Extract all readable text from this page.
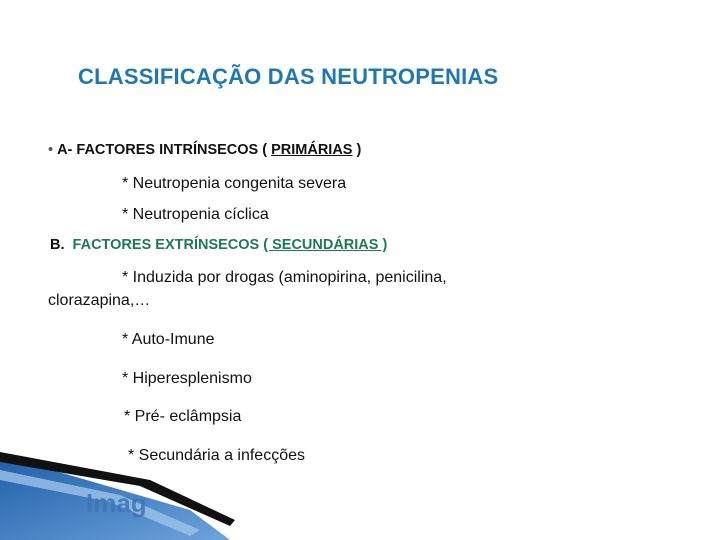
Imag
CLASSIFICAÇÃO DAS NEUTROPENIAS
• A- FACTORES INTRÍNSECOS ( PRIMÁRIAS )
* Neutropenia congenita severa
* Neutropenia cíclica
B.  FACTORES EXTRÍNSECOS ( SECUNDÁRIAS )
* Induzida por drogas (aminopirina, penicilina,
clorazapina,…
* Auto-Imune
* Hiperesplenismo
* Pré- eclâmpsia
* Secundária a infecções
